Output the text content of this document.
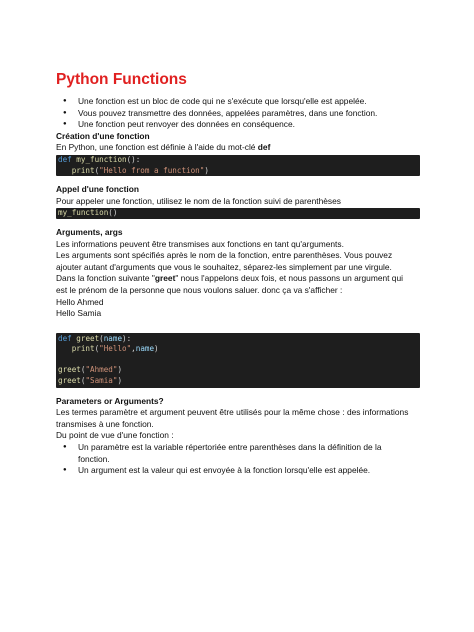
Python Functions
● Une fonction est un bloc de code qui ne s'exécute que lorsqu'elle est appelée.
● Vous pouvez transmettre des données, appelées paramètres, dans une fonction.
● Une fonction peut renvoyer des données en conséquence.

Création d'une fonction

En Python, une fonction est définie à l'aide du mot-clé def

def my_function():
print("Hello from a function")

Appel d'une fonction

Pour appeler une fonction, utilisez le nom de la fonction suivi de parenthèses

my_function()

Arguments, args

Les informations peuvent être transmises aux fonctions en tant qu'arguments.

Les arguments sont spécifiés après le nom de la fonction, entre parenthèses. Vous pouvez

ajouter autant d'arguments que vous le souhaitez, séparez-les simplement par une virgule.

Dans la fonction suivante "greet" nous l'appelons deux fois, et nous passons un argument qui

est le prénom de la personne que nous voulons saluer. donc ça va s'afficher :

Hello Ahmed

Hello Samia

def greet(name):
print("Hello",name)

greet("Ahmed")
greet("Samia")

Parameters or Arguments?

Les termes paramètre et argument peuvent être utilisés pour la même chose : des informations

transmises à une fonction.

Du point de vue d'une fonction :

● Un paramètre est la variable répertoriée entre parenthèses dans la définition de la
fonction.
● Un argument est la valeur qui est envoyée à la fonction lorsqu'elle est appelée.
